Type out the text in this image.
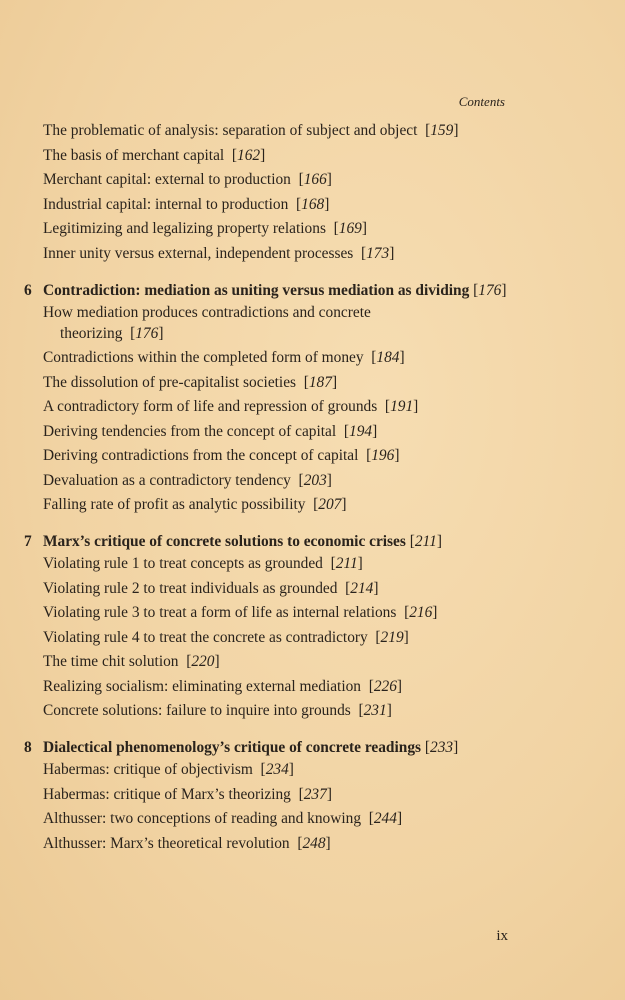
Contents
The problematic of analysis: separation of subject and object  [159]
The basis of merchant capital  [162]
Merchant capital: external to production  [166]
Industrial capital: internal to production  [168]
Legitimizing and legalizing property relations  [169]
Inner unity versus external, independent processes  [173]
6 Contradiction: mediation as uniting versus mediation as dividing [176]
How mediation produces contradictions and concrete theorizing  [176]
Contradictions within the completed form of money  [184]
The dissolution of pre-capitalist societies  [187]
A contradictory form of life and repression of grounds  [191]
Deriving tendencies from the concept of capital  [194]
Deriving contradictions from the concept of capital  [196]
Devaluation as a contradictory tendency  [203]
Falling rate of profit as analytic possibility  [207]
7 Marx’s critique of concrete solutions to economic crises [211]
Violating rule 1 to treat concepts as grounded  [211]
Violating rule 2 to treat individuals as grounded  [214]
Violating rule 3 to treat a form of life as internal relations  [216]
Violating rule 4 to treat the concrete as contradictory  [219]
The time chit solution  [220]
Realizing socialism: eliminating external mediation  [226]
Concrete solutions: failure to inquire into grounds  [231]
8 Dialectical phenomenology’s critique of concrete readings [233]
Habermas: critique of objectivism  [234]
Habermas: critique of Marx’s theorizing  [237]
Althusser: two conceptions of reading and knowing  [244]
Althusser: Marx’s theoretical revolution  [248]
ix
